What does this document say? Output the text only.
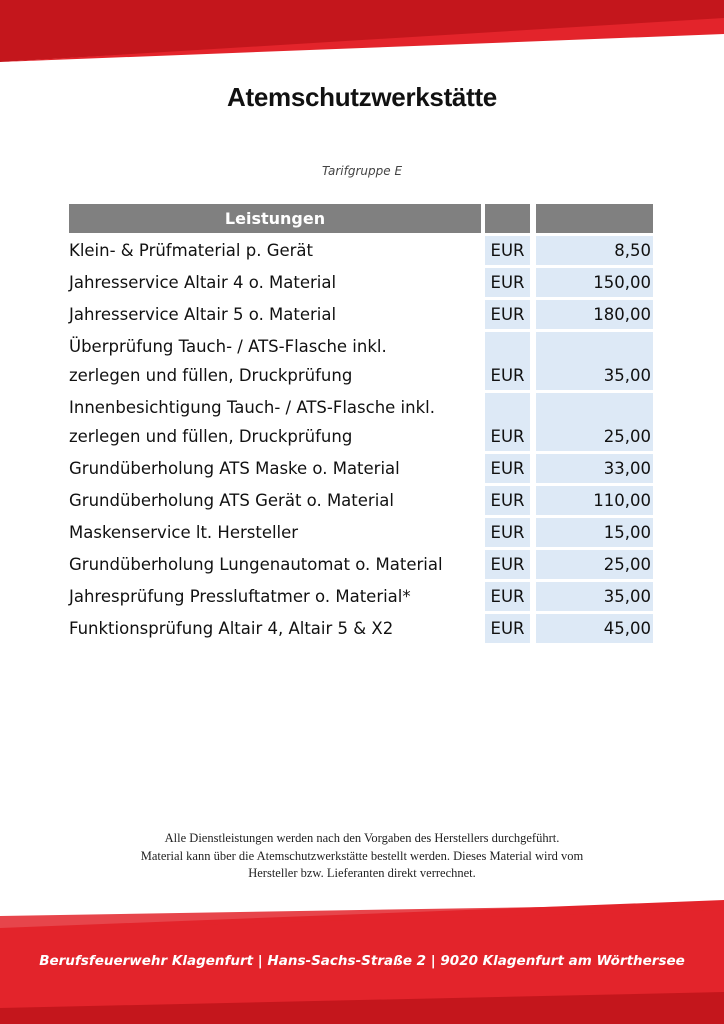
Atemschutzwerkstätte
Tarifgruppe E
Leistungen
Klein- & Prüfmaterial p. Gerät	EUR	8,50
Jahresservice Altair 4 o. Material	EUR	150,00
Jahresservice Altair 5 o. Material	EUR	180,00
Überprüfung Tauch- / ATS-Flasche inkl.
zerlegen und füllen, Druckprüfung	EUR	35,00
Innenbesichtigung Tauch- / ATS-Flasche inkl.
zerlegen und füllen, Druckprüfung	EUR	25,00
Grundüberholung ATS Maske o. Material	EUR	33,00
Grundüberholung ATS Gerät o. Material	EUR	110,00
Maskenservice lt. Hersteller	EUR	15,00
Grundüberholung Lungenautomat o. Material	EUR	25,00
Jahresprüfung Pressluftatmer o. Material*	EUR	35,00
Funktionsprüfung Altair 4, Altair 5 & X2	EUR	45,00
Alle Dienstleistungen werden nach den Vorgaben des Herstellers durchgeführt.
Material kann über die Atemschutzwerkstätte bestellt werden. Dieses Material wird vom
Hersteller bzw. Lieferanten direkt verrechnet.
Berufsfeuerwehr Klagenfurt | Hans-Sachs-Straße 2 | 9020 Klagenfurt am Wörthersee
